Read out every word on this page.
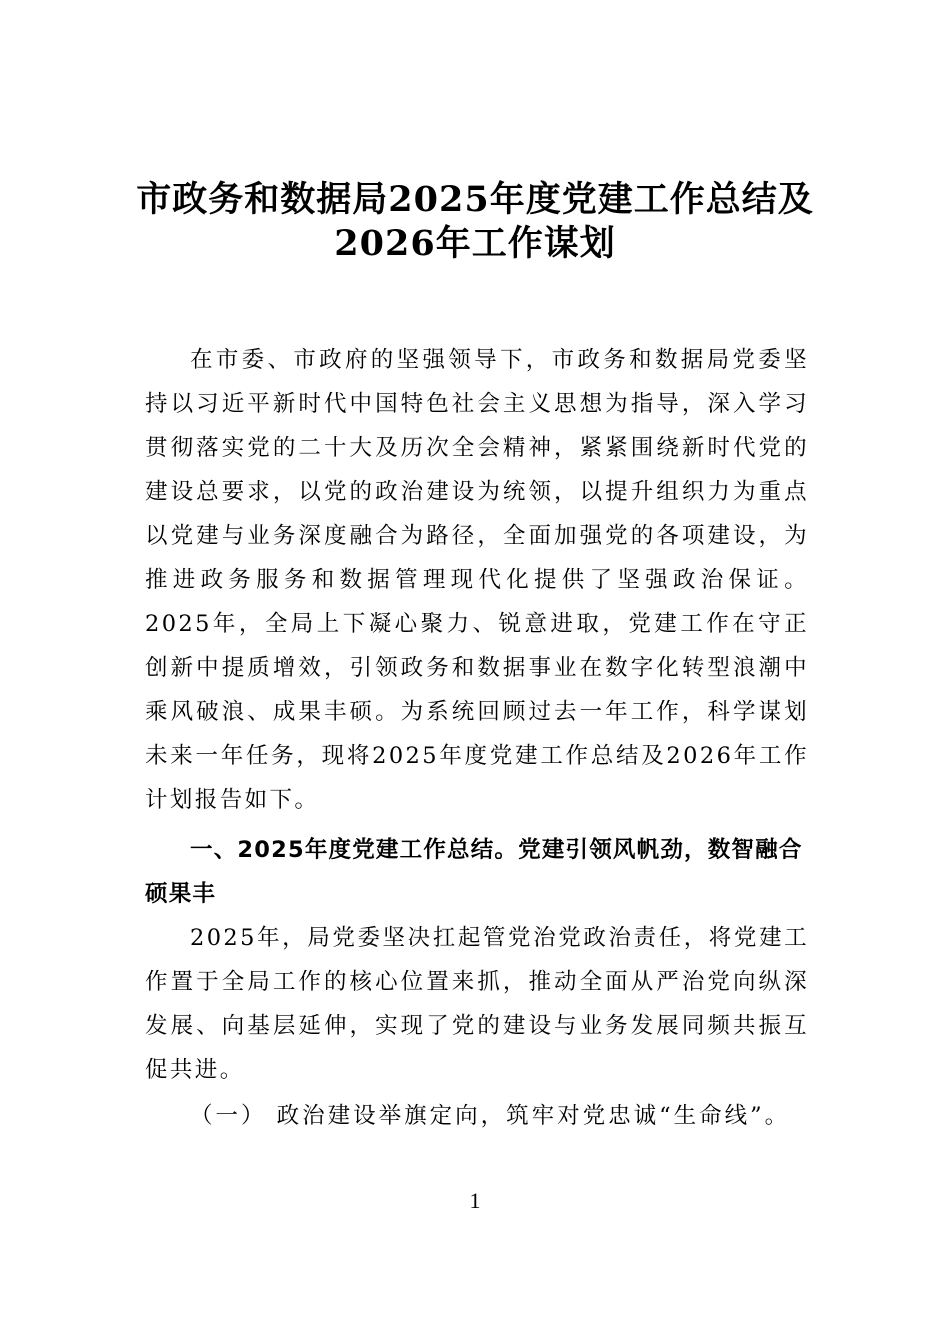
市政务和数据局2025年度党建工作总结及
2026年工作谋划

在市委、市政府的坚强领导下，市政务和数据局党委坚持以习近平新时代中国特色社会主义思想为指导，深入学习贯彻落实党的二十大及历次全会精神，紧紧围绕新时代党的建设总要求，以党的政治建设为统领，以提升组织力为重点以党建与业务深度融合为路径，全面加强党的各项建设，为推进政务服务和数据管理现代化提供了坚强政治保证。2025年，全局上下凝心聚力、锐意进取，党建工作在守正创新中提质增效，引领政务和数据事业在数字化转型浪潮中乘风破浪、成果丰硕。为系统回顾过去一年工作，科学谋划未来一年任务，现将2025年度党建工作总结及2026年工作计划报告如下。

一、2025年度党建工作总结。党建引领风帆劲，数智融合硕果丰

2025年，局党委坚决扛起管党治党政治责任，将党建工作置于全局工作的核心位置来抓，推动全面从严治党向纵深发展、向基层延伸，实现了党的建设与业务发展同频共振互促共进。

（一） 政治建设举旗定向，筑牢对党忠诚“生命线”。

1
